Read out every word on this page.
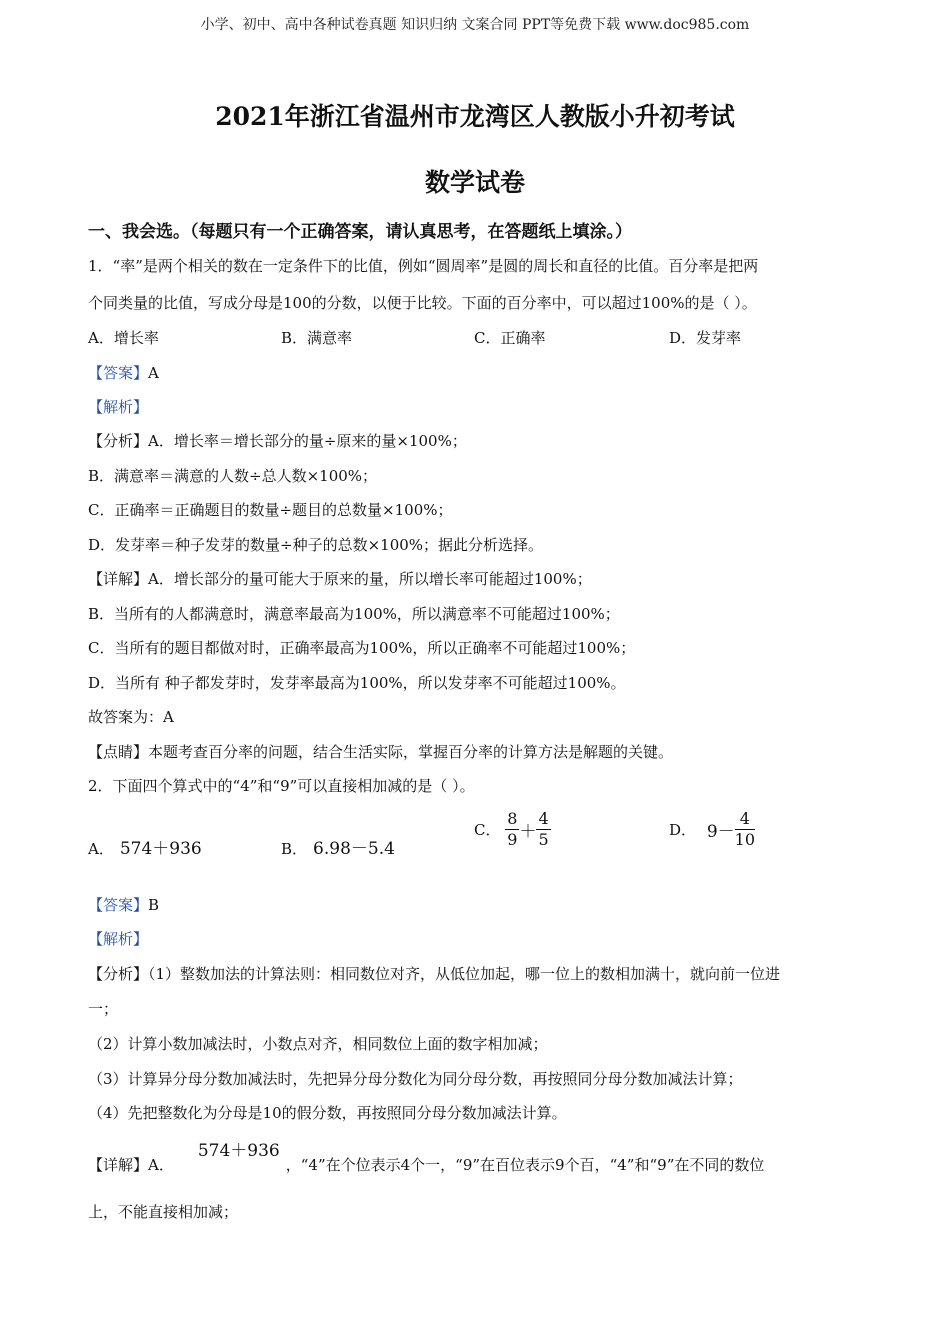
小学、初中、高中各种试卷真题 知识归纳 文案合同 PPT等免费下载 www.doc985.com
2021年浙江省温州市龙湾区人教版小升初考试
数学试卷
一、我会选。（每题只有一个正确答案，请认真思考，在答题纸上填涂。）
1．“率”是两个相关的数在一定条件下的比值，例如“圆周率”是圆的周长和直径的比值。百分率是把两
个同类量的比值，写成分母是100的分数，以便于比较。下面的百分率中，可以超过100%的是（ ）。
A．增长率	B．满意率	C．正确率	D．发芽率
【答案】A
【解析】
【分析】A．增长率＝增长部分的量÷原来的量×100%；
B．满意率＝满意的人数÷总人数×100%；
C．正确率＝正确题目的数量÷题目的总数量×100%；
D．发芽率＝种子发芽的数量÷种子的总数×100%；据此分析选择。
【详解】A．增长部分的量可能大于原来的量，所以增长率可能超过100%；
B．当所有的人都满意时，满意率最高为100%，所以满意率不可能超过100%；
C．当所有的题目都做对时，正确率最高为100%，所以正确率不可能超过100%；
D．当所有 种子都发芽时，发芽率最高为100%，所以发芽率不可能超过100%。
故答案为：A
【点睛】本题考查百分率的问题，结合生活实际，掌握百分率的计算方法是解题的关键。
2．下面四个算式中的“4”和“9”可以直接相加减的是（ ）。
A． 574＋936	B． 6.98－5.4
C． $\frac{8}{9} + \frac{4}{5}$	D． $9- \frac{4}{10}$
【答案】B
【解析】
【分析】（1）整数加法的计算法则：相同数位对齐，从低位加起，哪一位上的数相加满十，就向前一位进
一；
（2）计算小数加减法时，小数点对齐，相同数位上面的数字相加减；
（3）计算异分母分数加减法时，先把异分母分数化为同分母分数，再按照同分母分数加减法计算；
（4）先把整数化为分母是10的假分数，再按照同分母分数加减法计算。
【详解】A．574＋936，“4”在个位表示4个一，“9”在百位表示9个百，“4”和“9”在不同的数位
上，不能直接相加减；
